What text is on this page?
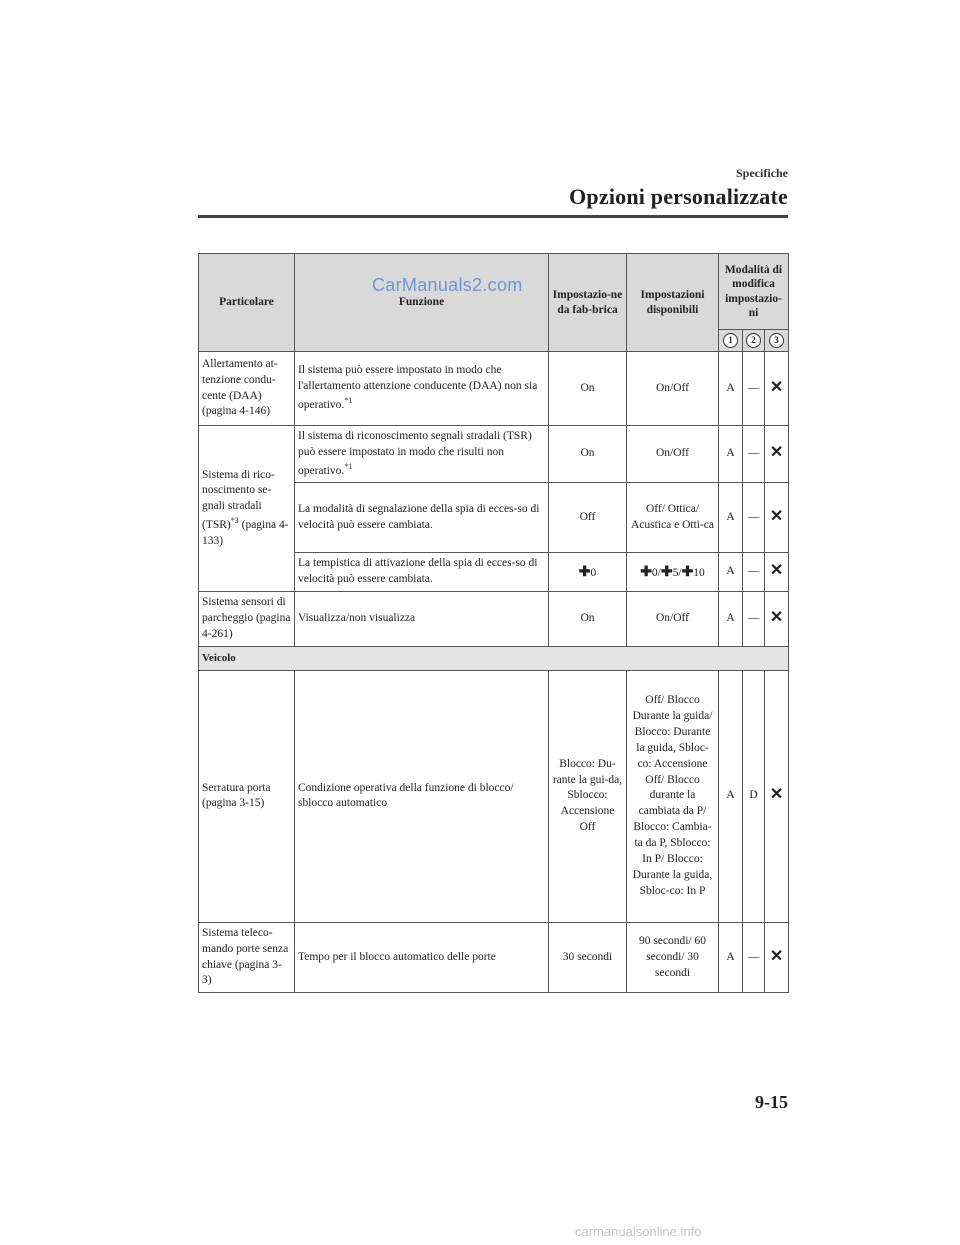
Specifiche
Opzioni personalizzate
Particolare	Funzione	Impostazio-ne da fab-brica	Impostazioni disponibili	Modalità di modifica impostazio-ni		
				1	2	3
Allertamento at-tenzione condu-cente (DAA) (pagina 4-146)	Il sistema può essere impostato in modo che l'allertamento attenzione conducente (DAA) non sia operativo.$^{*1}$	On	On/Off	A	—	✕
Sistema di rico-noscimento se-gnali stradali (TSR)$^{*3}$ (pagina 4-133)	Il sistema di riconoscimento segnali stradali (TSR) può essere impostato in modo che risulti non operativo.$^{*1}$	On	On/Off	A	—	✕
	La modalità di segnalazione della spia di ecces-so di velocità può essere cambiata.	Off	Off/ Ottica/ Acustica e Otti-ca	A	—	✕
	La tempistica di attivazione della spia di ecces-so di velocità può essere cambiata.	✚0	✚0/✚5/✚10	A	—	✕
Sistema sensori di parcheggio (pagina 4-261)	Visualizza/non visualizza	On	On/Off	A	—	✕
Veicolo						
Serratura porta (pagina 3-15)	Condizione operativa della funzione di blocco/ sblocco automatico	Blocco: Du-rante la gui-da, Sblocco: Accensione Off	Off/ Blocco Durante la guida/ Blocco: Durante la guida, Sbloc-co: Accensione Off/ Blocco durante la cambiata da P/ Blocco: Cambia-ta da P, Sblocco: In P/ Blocco: Durante la guida, Sbloc-co: In P	A	D	✕
Sistema teleco-mando porte senza chiave (pagina 3-3)	Tempo per il blocco automatico delle porte	30 secondi	90 secondi/ 60 secondi/ 30 secondi	A	—	✕
CarManuals2.com
9-15
carmanualsonline.info
